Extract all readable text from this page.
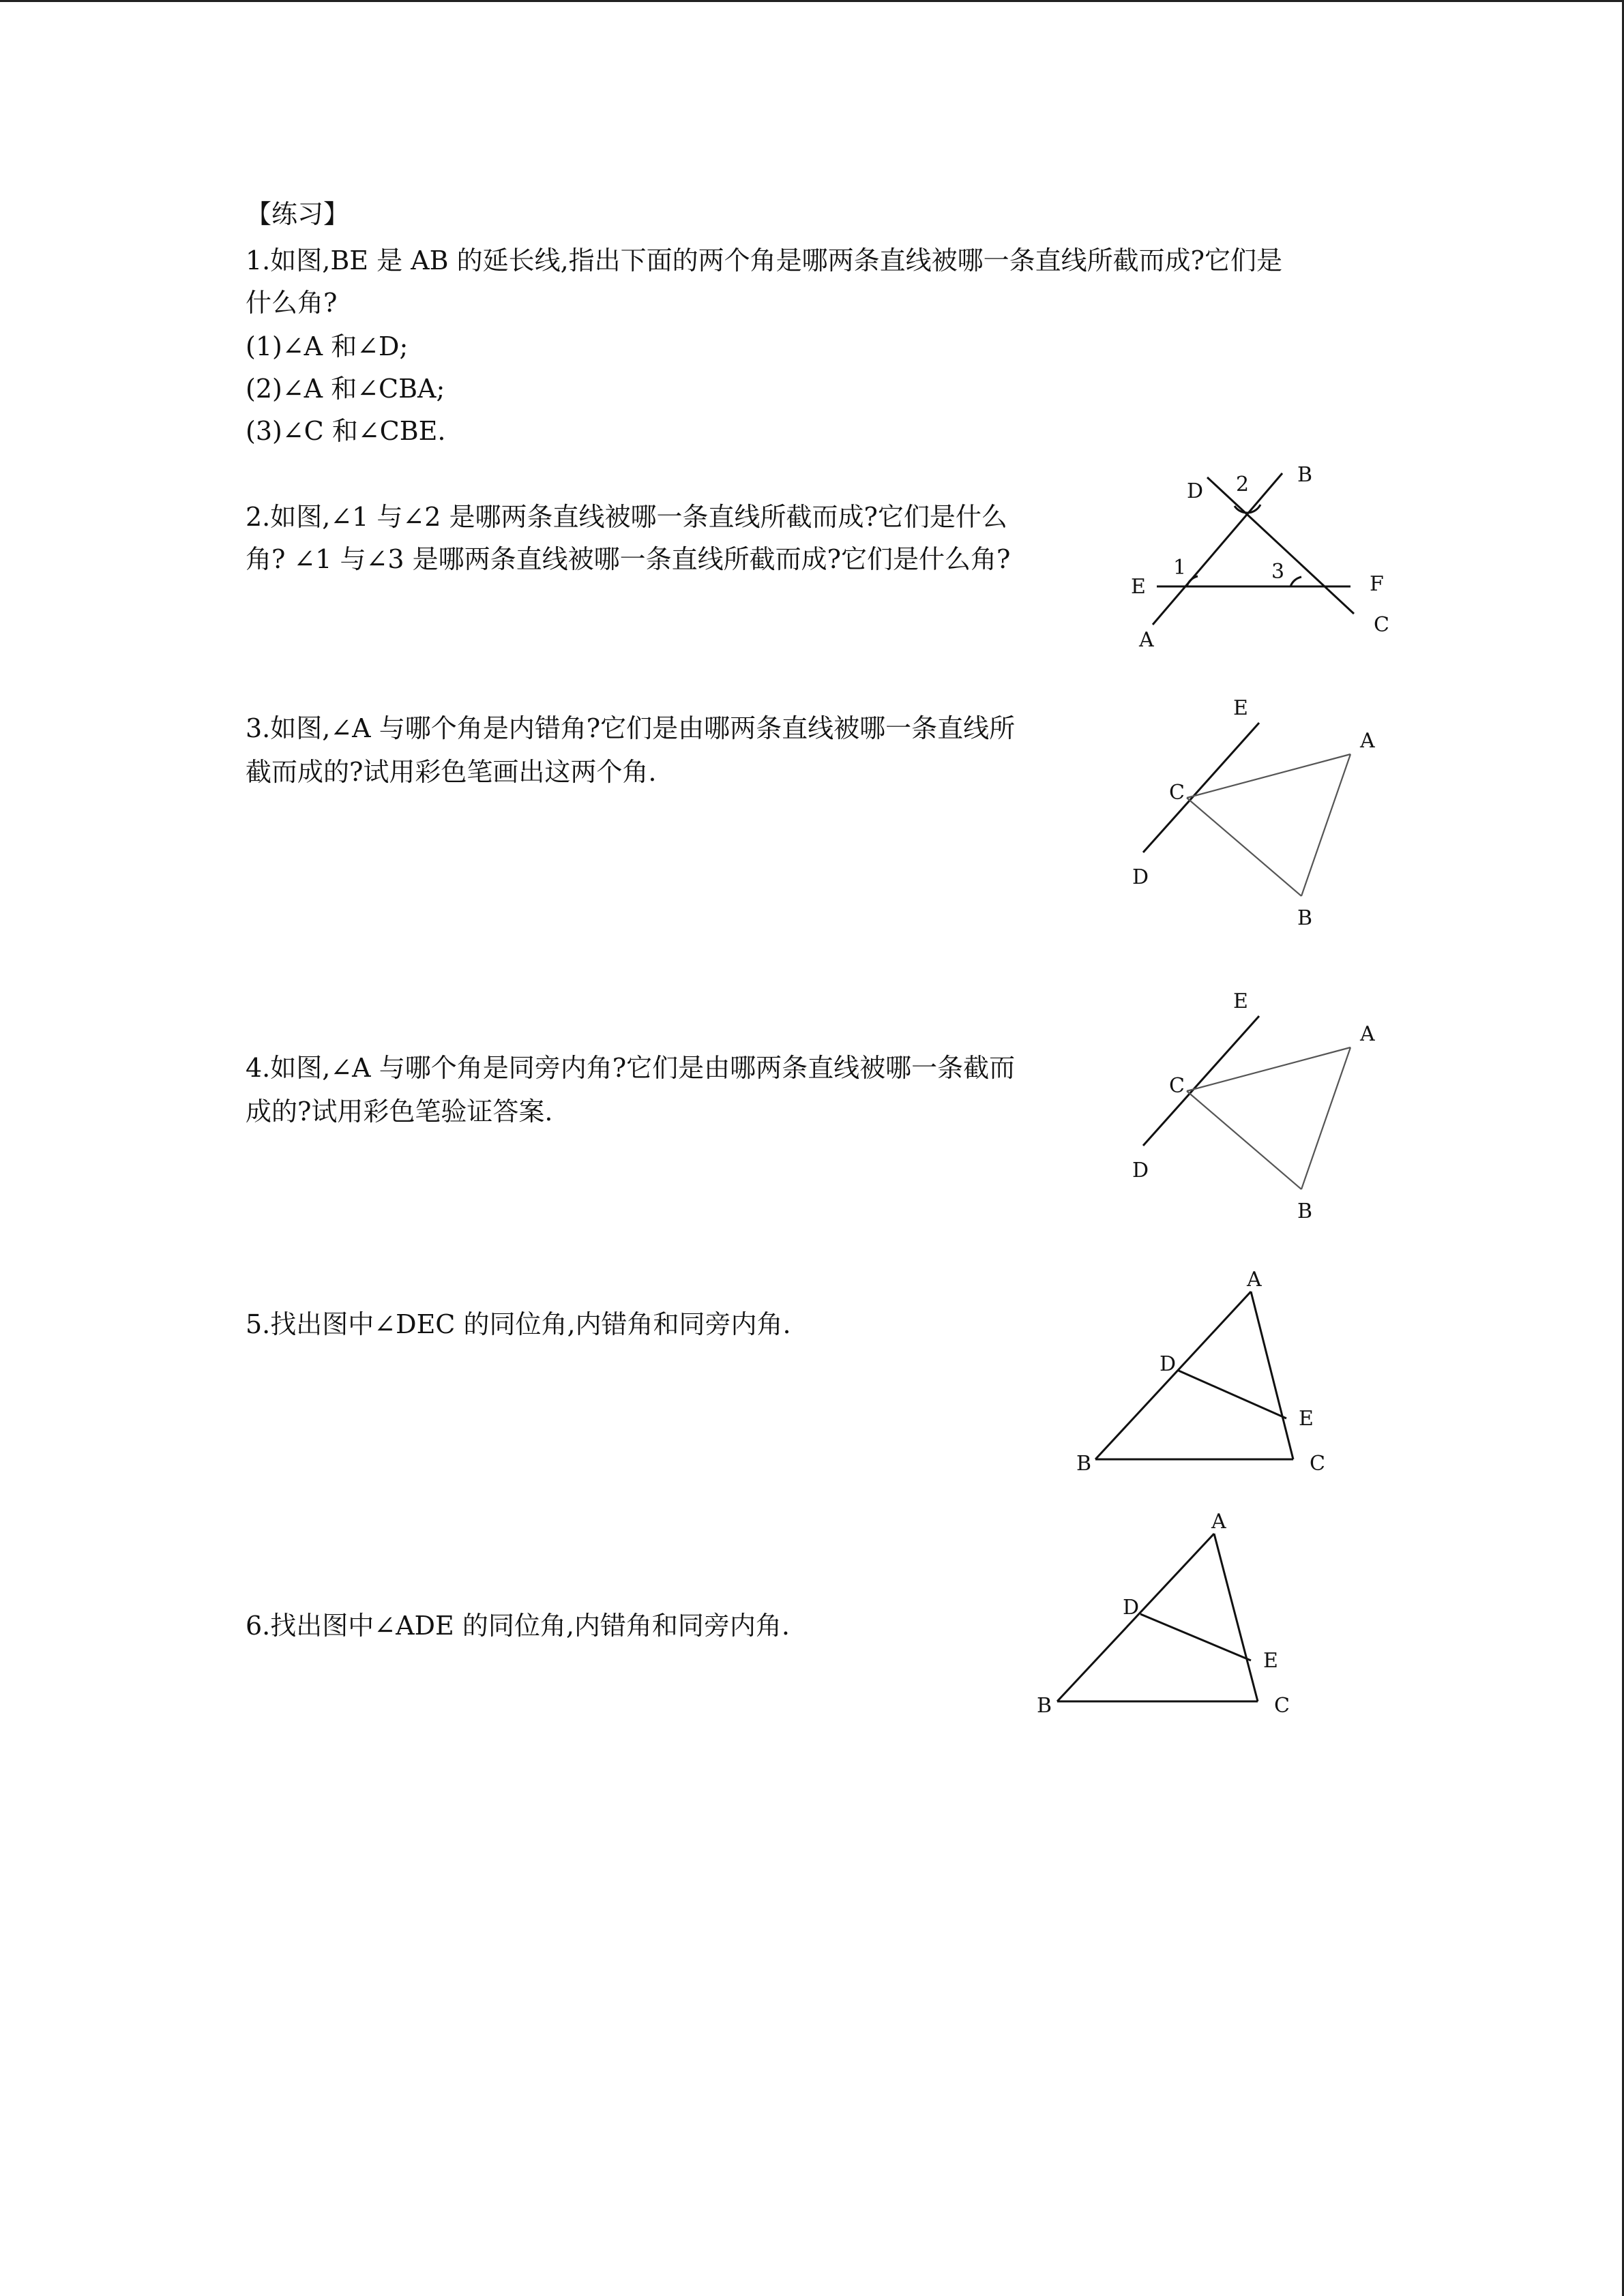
【练习】
1.如图,BE 是 AB 的延长线,指出下面的两个角是哪两条直线被哪一条直线所截而成?它们是
什么角?
(1)∠A 和∠D;
(2)∠A 和∠CBA;
(3)∠C 和∠CBE.
2.如图,∠1 与∠2 是哪两条直线被哪一条直线所截而成?它们是什么
角? ∠1 与∠3 是哪两条直线被哪一条直线所截而成?它们是什么角?
D 2 B
1	3
E	F
A
C
3.如图,∠A 与哪个角是内错角?它们是由哪两条直线被哪一条直线所
截而成的?试用彩色笔画出这两个角.
E
A
C
D
B
4.如图,∠A 与哪个角是同旁内角?它们是由哪两条直线被哪一条截而
成的?试用彩色笔验证答案.
E
A
C
D
B
5.找出图中∠DEC 的同位角,内错角和同旁内角.
A
D
E
B	C
6.找出图中∠ADE 的同位角,内错角和同旁内角.
A
D
E
B	C
